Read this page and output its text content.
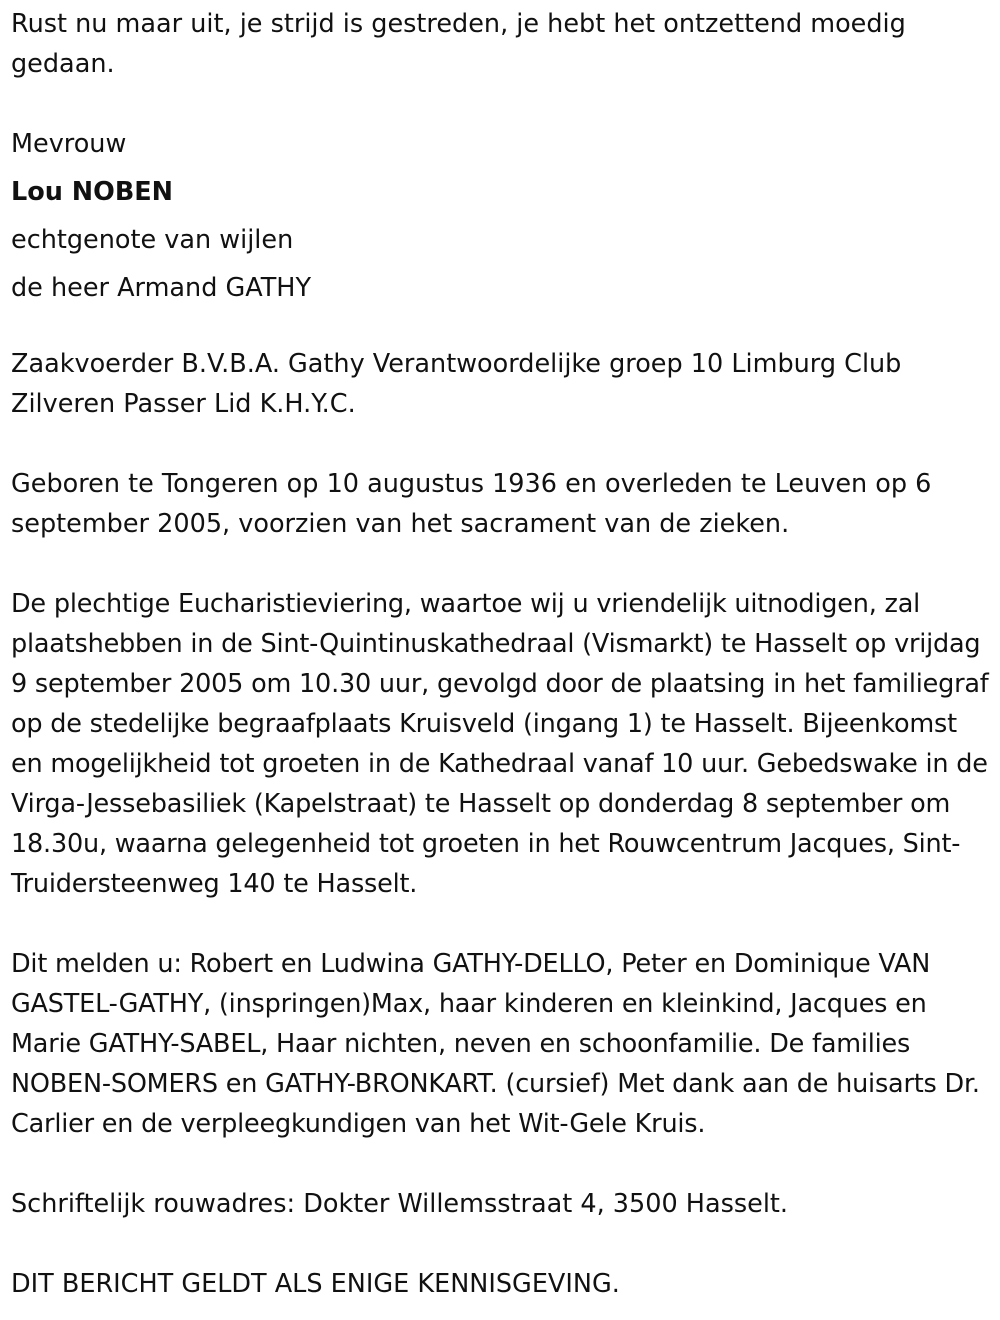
Rust nu maar uit, je strijd is gestreden, je hebt het ontzettend moedig gedaan.

Mevrouw
Lou NOBEN
echtgenote van wijlen
de heer Armand GATHY

Zaakvoerder B.V.B.A. Gathy Verantwoordelijke groep 10 Limburg Club Zilveren Passer Lid K.H.Y.C.

Geboren te Tongeren op 10 augustus 1936 en overleden te Leuven op 6 september 2005, voorzien van het sacrament van de zieken.

De plechtige Eucharistieviering, waartoe wij u vriendelijk uitnodigen, zal plaatshebben in de Sint-Quintinuskathedraal (Vismarkt) te Hasselt op vrijdag 9 september 2005 om 10.30 uur, gevolgd door de plaatsing in het familiegraf op de stedelijke begraafplaats Kruisveld (ingang 1) te Hasselt. Bijeenkomst en mogelijkheid tot groeten in de Kathedraal vanaf 10 uur. Gebedswake in de Virga-Jessebasiliek (Kapelstraat) te Hasselt op donderdag 8 september om 18.30u, waarna gelegenheid tot groeten in het Rouwcentrum Jacques, Sint-Truidersteenweg 140 te Hasselt.

Dit melden u: Robert en Ludwina GATHY-DELLO, Peter en Dominique VAN GASTEL-GATHY, (inspringen)Max, haar kinderen en kleinkind, Jacques en Marie GATHY-SABEL, Haar nichten, neven en schoonfamilie. De families NOBEN-SOMERS en GATHY-BRONKART. (cursief) Met dank aan de huisarts Dr. Carlier en de verpleegkundigen van het Wit-Gele Kruis.

Schriftelijk rouwadres: Dokter Willemsstraat 4, 3500 Hasselt.

DIT BERICHT GELDT ALS ENIGE KENNISGEVING.
